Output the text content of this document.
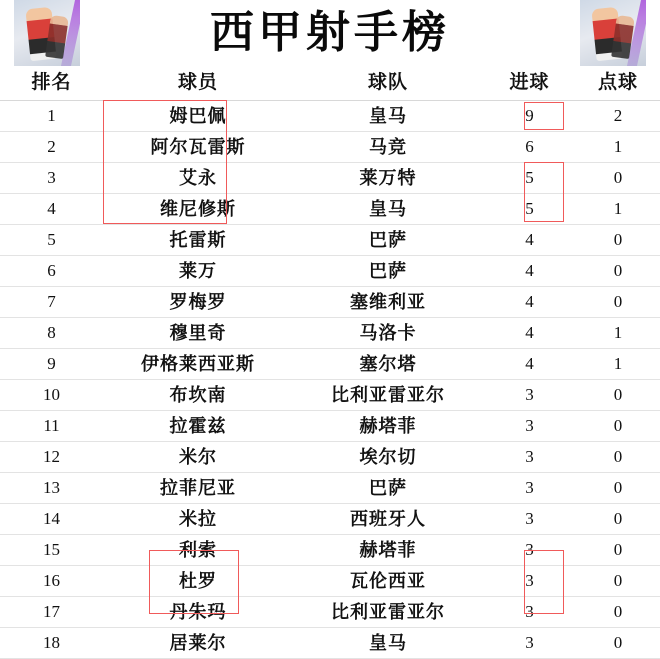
西甲射手榜
排名	球员	球队	进球	点球
1	姆巴佩	皇马	9	2
2	阿尔瓦雷斯	马竞	6	1
3	艾永	莱万特	5	0
4	维尼修斯	皇马	5	1
5	托雷斯	巴萨	4	0
6	莱万	巴萨	4	0
7	罗梅罗	塞维利亚	4	0
8	穆里奇	马洛卡	4	1
9	伊格莱西亚斯	塞尔塔	4	1
10	布坎南	比利亚雷亚尔	3	0
11	拉霍兹	赫塔菲	3	0
12	米尔	埃尔切	3	0
13	拉菲尼亚	巴萨	3	0
14	米拉	西班牙人	3	0
15	利索	赫塔菲	3	0
16	杜罗	瓦伦西亚	3	0
17	丹朱玛	比利亚雷亚尔	3	0
18	居莱尔	皇马	3	0
